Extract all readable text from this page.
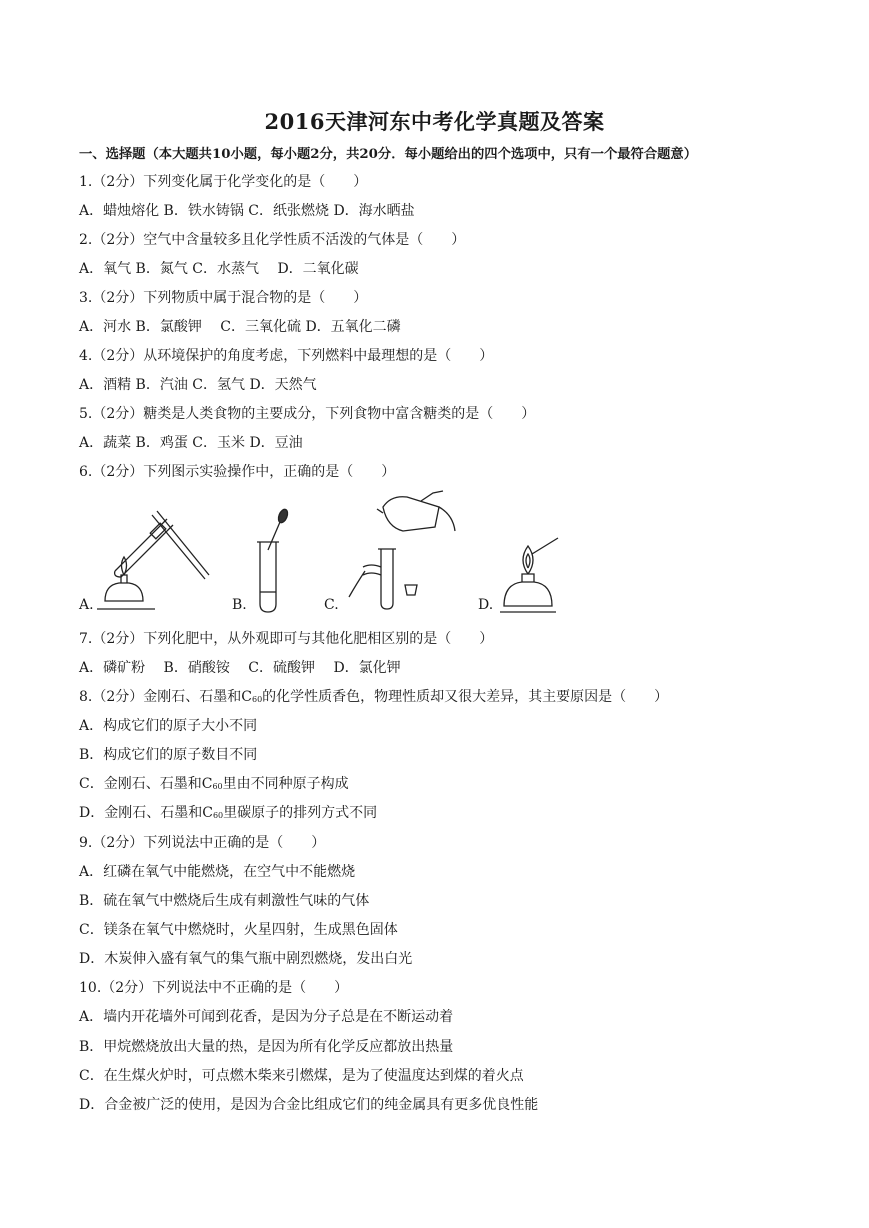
2016天津河东中考化学真题及答案
一、选择题（本大题共10小题，每小题2分，共20分．每小题给出的四个选项中，只有一个最符合题意）
1.（2分）下列变化属于化学变化的是（　　）
A．蜡烛熔化 B．铁水铸锅 C．纸张燃烧 D．海水晒盐
2.（2分）空气中含量较多且化学性质不活泼的气体是（　　）
A．氧气 B．氮气 C．水蒸气　 D．二氧化碳
3.（2分）下列物质中属于混合物的是（　　）
A．河水 B．氯酸钾　 C．三氧化硫 D．五氧化二磷
4.（2分）从环境保护的角度考虑，下列燃料中最理想的是（　　）
A．酒精 B．汽油 C．氢气 D．天然气
5.（2分）糖类是人类食物的主要成分，下列食物中富含糖类的是（　　）
A．蔬菜 B．鸡蛋 C．玉米 D．豆油
6.（2分）下列图示实验操作中，正确的是（　　）
A.	B.	C.	D.
7.（2分）下列化肥中，从外观即可与其他化肥相区别的是（　　）
A．磷矿粉　 B．硝酸铵　 C．硫酸钾　 D．氯化钾
8.（2分）金刚石、石墨和$C_{60}$的化学性质香色，物理性质却又很大差异，其主要原因是（　　）
A．构成它们的原子大小不同
B．构成它们的原子数目不同
C．金刚石、石墨和$C_{60}$里由不同种原子构成
D．金刚石、石墨和$C_{60}$里碳原子的排列方式不同
9.（2分）下列说法中正确的是（　　）
A．红磷在氧气中能燃烧，在空气中不能燃烧
B．硫在氧气中燃烧后生成有刺激性气味的气体
C．镁条在氧气中燃烧时，火星四射，生成黑色固体
D．木炭伸入盛有氧气的集气瓶中剧烈燃烧，发出白光
10.（2分）下列说法中不正确的是（　　）
A．墙内开花墙外可闻到花香，是因为分子总是在不断运动着
B．甲烷燃烧放出大量的热，是因为所有化学反应都放出热量
C．在生煤火炉时，可点燃木柴来引燃煤，是为了使温度达到煤的着火点
D．合金被广泛的使用，是因为合金比组成它们的纯金属具有更多优良性能
